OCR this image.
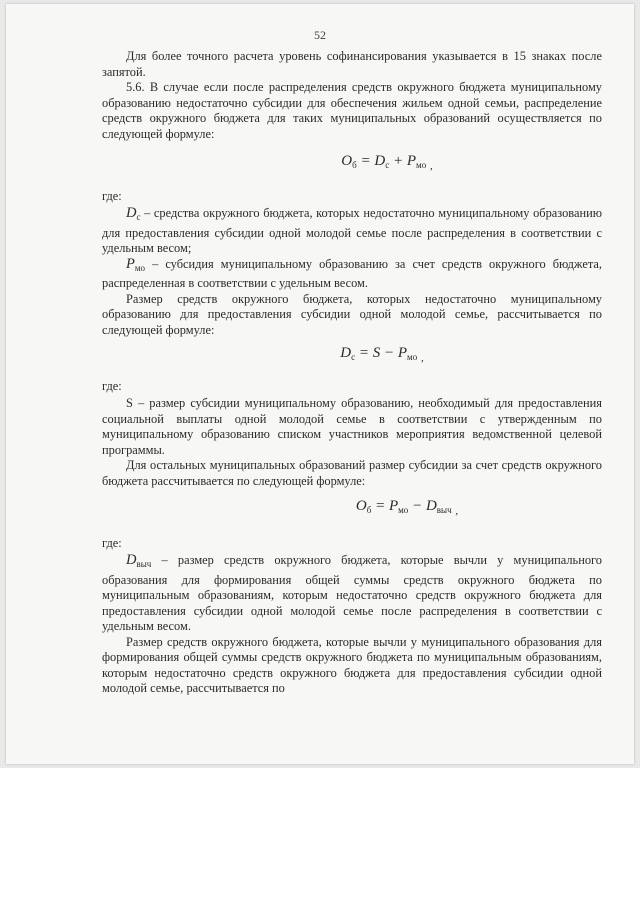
52

Для более точного расчета уровень софинансирования указывается в 15 знаках после запятой.

5.6. В случае если после распределения средств окружного бюджета муниципальному образованию недостаточно субсидии для обеспечения жильем одной семьи, распределение средств окружного бюджета для таких муниципальных образований осуществляется по следующей формуле:

$O_б = D_с + P_{мо}$ $_,$

где:

$D_с$ – средства окружного бюджета, которых недостаточно муниципальному образованию для предоставления субсидии одной молодой семье после распределения в соответствии с удельным весом;

$P_{мо}$ – субсидия муниципальному образованию за счет средств окружного бюджета, распределенная в соответствии с удельным весом.

Размер средств окружного бюджета, которых недостаточно муниципальному образованию для предоставления субсидии одной молодой семье, рассчитывается по следующей формуле:

$D_с = S - P_{мо}$ $_,$

где:

S – размер субсидии муниципальному образованию, необходимый для предоставления социальной выплаты одной молодой семье в соответствии с утвержденным по муниципальному образованию списком участников мероприятия ведомственной целевой программы.

Для остальных муниципальных образований размер субсидии за счет средств окружного бюджета рассчитывается по следующей формуле:

$O_б = P_{мо} - D_{выч}$ $_,$

где:

$D_{выч}$ – размер средств окружного бюджета, которые вычли у муниципального образования для формирования общей суммы средств окружного бюджета по муниципальным образованиям, которым недостаточно средств окружного бюджета для предоставления субсидии одной молодой семье после распределения в соответствии с удельным весом.

Размер средств окружного бюджета, которые вычли у муниципального образования для формирования общей суммы средств окружного бюджета по муниципальным образованиям, которым недостаточно средств окружного бюджета для предоставления субсидии одной молодой семье, рассчитывается по
